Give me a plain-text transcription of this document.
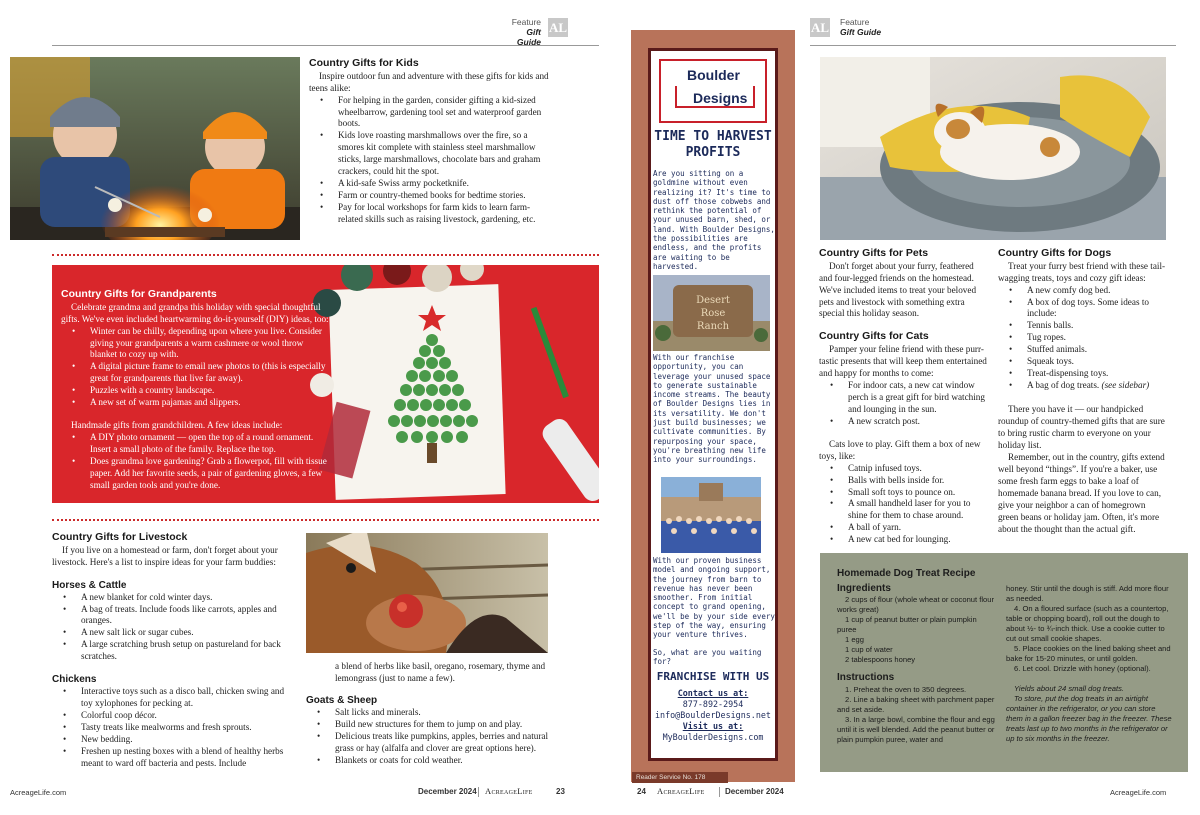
Feature
Gift Guide
AL
Country Gifts for Kids

Inspire outdoor fun and adventure with these gifts for kids and teens alike:

• For helping in the garden, consider gifting a kid-sized wheelbarrow, gardening tool set and waterproof garden boots.
• Kids love roasting marshmallows over the fire, so a smores kit complete with stainless steel marshmallow sticks, large marshmallows, chocolate bars and graham crackers, could hit the spot.
• A kid-safe Swiss army pocketknife.
• Farm or country-themed books for bedtime stories.
• Pay for local workshops for farm kids to learn farm-related skills such as raising livestock, gardening, etc.
Country Gifts for Grandparents

Celebrate grandma and grandpa this holiday with special thoughtful gifts. We've even included heartwarming do-it-yourself (DIY) ideas, too:

• Winter can be chilly, depending upon where you live. Consider giving your grandparents a warm cashmere or wool throw blanket to cozy up with.
• A digital picture frame to email new photos to (this is especially great for grandparents that live far away).
• Puzzles with a country landscape.
• A new set of warm pajamas and slippers.

Handmade gifts from grandchildren. A few ideas include:

• A DIY photo ornament — open the top of a round ornament. Insert a small photo of the family. Replace the top.
• Does grandma love gardening? Grab a flowerpot, fill with tissue paper. Add her favorite seeds, a pair of gardening gloves, a few small garden tools and you're done.
Country Gifts for Livestock

If you live on a homestead or farm, don't forget about your livestock. Here's a list to inspire ideas for your farm buddies:

Horses & Cattle
• A new blanket for cold winter days.
• A bag of treats. Include foods like carrots, apples and oranges.
• A new salt lick or sugar cubes.
• A large scratching brush setup on pastureland for back scratches.
Chickens
• Interactive toys such as a disco ball, chicken swing and toy xylophones for pecking at.
• Colorful coop décor.
• Tasty treats like mealworms and fresh sprouts.
• New bedding.
• Freshen up nesting boxes with a blend of healthy herbs meant to ward off bacteria and pests. Include

a blend of herbs like basil, oregano, rosemary, thyme and lemongrass (just to name a few).

Goats & Sheep
• Salt licks and minerals.
• Build new structures for them to jump on and play.
• Delicious treats like pumpkins, apples, berries and natural grass or hay (alfalfa and clover are great options here).
• Blankets or coats for cold weather.
AcreageLife.com	December 2024 AcreageLife	23
Boulder
Designs
TIME TO HARVEST
PROFITS

Are you sitting on a goldmine without even realizing it? It's time to dust off those cobwebs and rethink the potential of your unused barn, shed, or land. With Boulder Designs, the possibilities are endless, and the profits are waiting to be harvested.

Desert
Rose
Ranch

With our franchise opportunity, you can leverage your unused space to generate sustainable income streams. The beauty of Boulder Designs lies in its versatility. We don't just build businesses; we cultivate communities. By repurposing your space, you're breathing new life into your surroundings.

With our proven business model and ongoing support, the journey from barn to revenue has never been smoother. From initial concept to grand opening, we'll be by your side every step of the way, ensuring your venture thrives.

So, what are you waiting for?

FRANCHISE WITH US
Contact us at:
877-892-2954
info@BoulderDesigns.net
Visit us at:
MyBoulderDesigns.com
Reader Service No. 178
AL Feature
Gift Guide
Country Gifts for Pets

Don't forget about your furry, feathered and four-legged friends on the homestead. We've included items to treat your beloved pets and livestock with something extra special this holiday season.

Country Gifts for Cats

Pamper your feline friend with these purr-tastic presents that will keep them entertained and happy for months to come:

• For indoor cats, a new cat window perch is a great gift for bird watching and lounging in the sun.
• A new scratch post.

Cats love to play. Gift them a box of new toys, like:

• Catnip infused toys.
• Balls with bells inside for.
• Small soft toys to pounce on.
• A small handheld laser for you to shine for them to chase around.
• A ball of yarn.
• A new cat bed for lounging.
Country Gifts for Dogs

Treat your furry best friend with these tail-wagging treats, toys and cozy gift ideas:

• A new comfy dog bed.
• A box of dog toys. Some ideas to include:
• Tennis balls.
• Tug ropes.
• Stuffed animals.
• Squeak toys.
• Treat-dispensing toys.
• A bag of dog treats. (see sidebar)

There you have it — our handpicked roundup of country-themed gifts that are sure to bring rustic charm to everyone on your holiday list.

Remember, out in the country, gifts extend well beyond “things”. If you're a baker, use some fresh farm eggs to bake a loaf of homemade banana bread. If you love to can, give your neighbor a can of homegrown green beans or holiday jam. Often, it's more about the thought than the actual gift.

Homemade Dog Treat Recipe
Ingredients

2 cups of flour (whole wheat or coconut flour works great)

1 cup of peanut butter or plain pumpkin puree

1 egg

1 cup of water

2 tablespoons honey

Instructions

1. Preheat the oven to 350 degrees.

2. Line a baking sheet with parchment paper and set aside.

3. In a large bowl, combine the flour and egg until it is well blended. Add the peanut butter or plain pumpkin puree, water and

honey. Stir until the dough is stiff. Add more flour as needed.

4. On a floured surface (such as a countertop, table or chopping board), roll out the dough to about ½- to ¾-inch thick. Use a cookie cutter to cut out small cookie shapes.

5. Place cookies on the lined baking sheet and bake for 15-20 minutes, or until golden.

6. Let cool. Drizzle with honey (optional).

Yields about 24 small dog treats.

To store, put the dog treats in an airtight container in the refrigerator, or you can store them in a gallon freezer bag in the freezer. These treats last up to two months in the refrigerator or up to six months in the freezer.

24 AcreageLife	December 2024	AcreageLife.com
